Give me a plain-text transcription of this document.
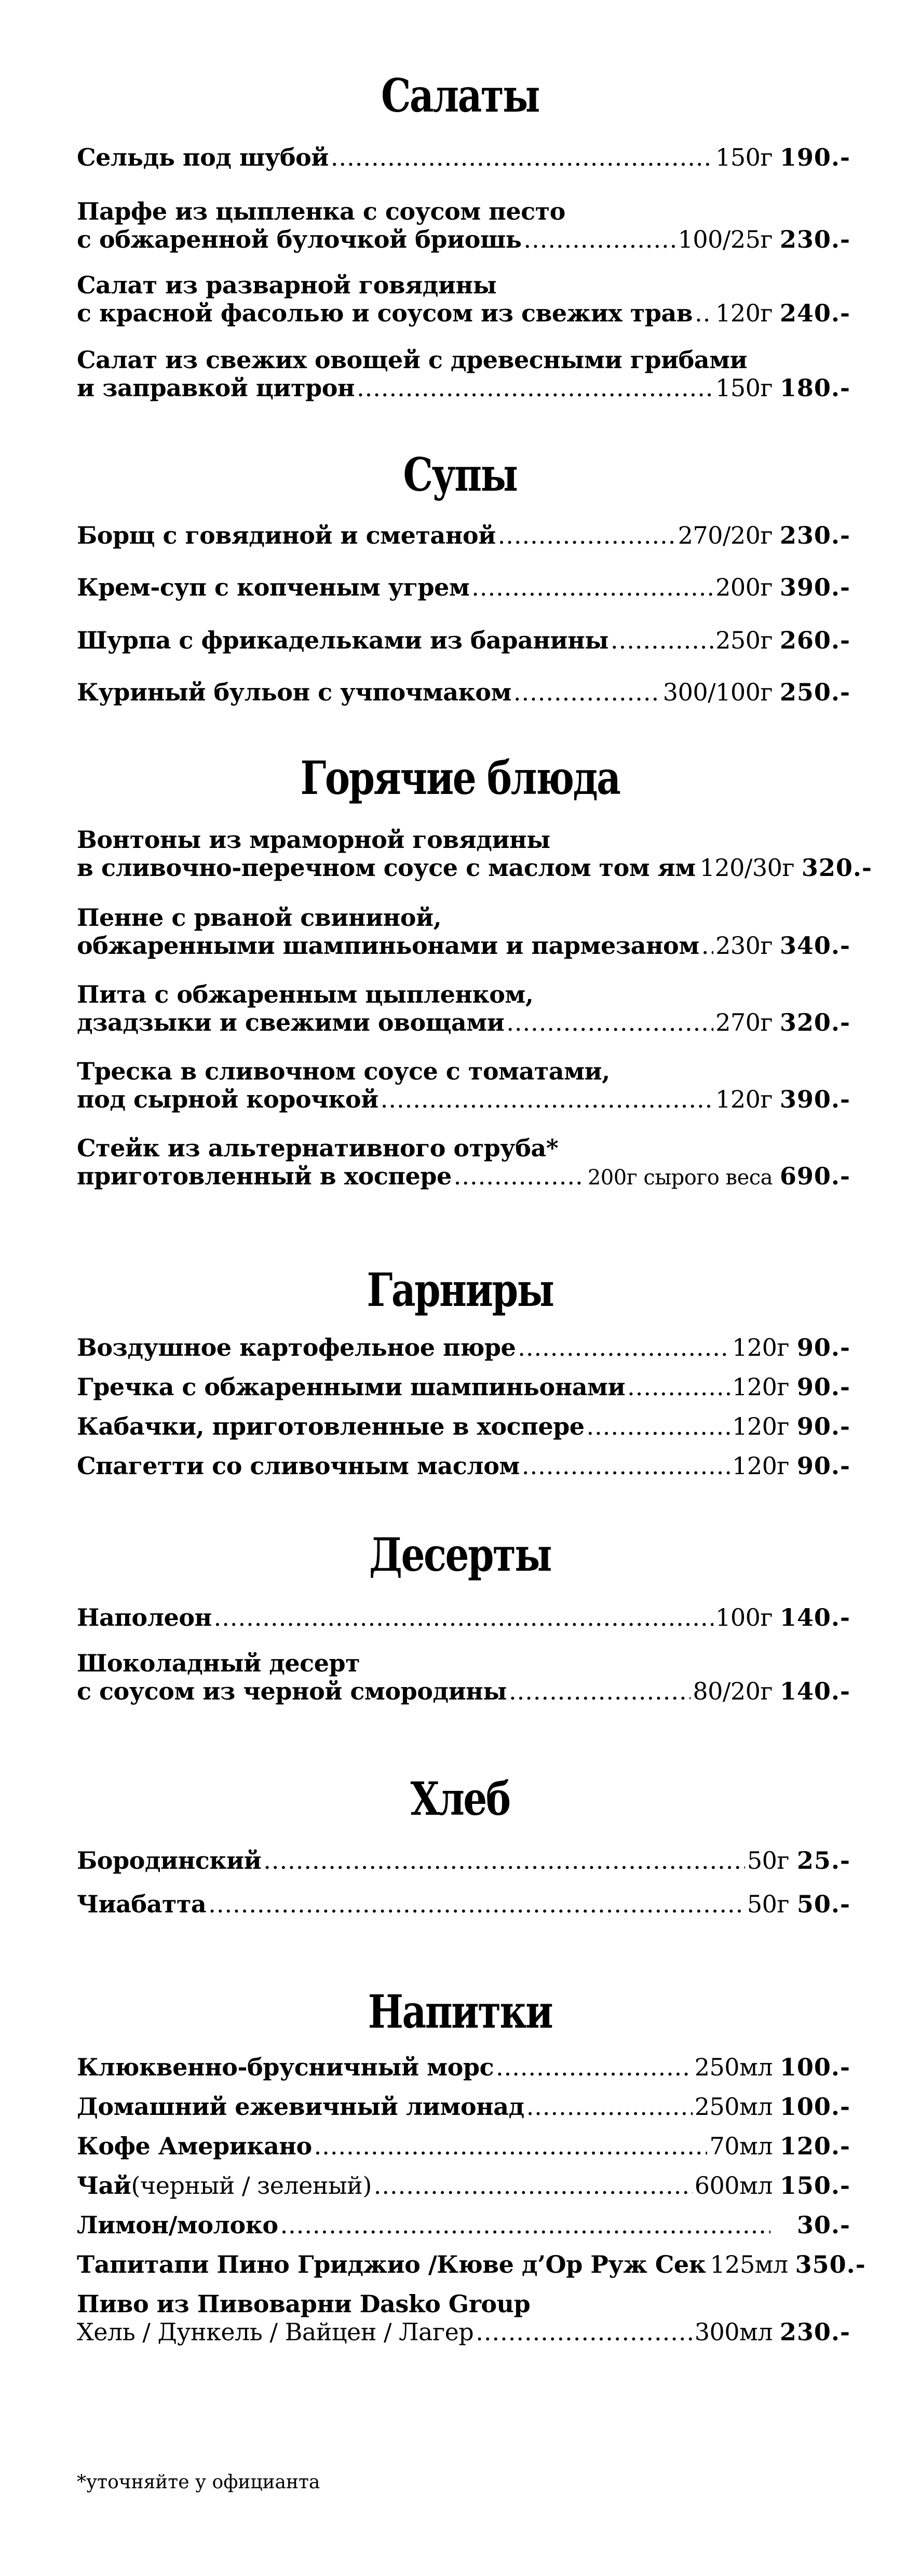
Салаты
Сельдь под шубой .....	150г 190.-
Парфе из цыпленка с соусом песто
с обжаренной булочкой бриошь .....	100/25г 230.-
Салат из разварной говядины
с красной фасолью и соусом из свежих трав ..... 120г 240.-
Салат из свежих овощей с древесными грибами
и заправкой цитрон .....	150г 180.-
Супы
Борщ с говядиной и сметаной .....	270/20г 230.-
Крем-суп с копченым угрем .....	200г 390.-
Шурпа с фрикадельками из баранины .....	250г 260.-
Куриный бульон с учпочмаком .....	300/100г 250.-
Горячие блюда
Вонтоны из мраморной говядины
в сливочно-перечном соусе с маслом том ям 120/30г 320.-
Пенне с рваной свининой,
обжаренными шампиньонами и пармезаном ..... 230г 340.-
Пита с обжаренным цыпленком,
дзадзыки и свежими овощами .....	270г 320.-
Треска в сливочном соусе с томатами,
под сырной корочкой .....	120г 390.-
Стейк из альтернативного отруба*
приготовленный в хоспере .....	200г сырого веса 690.-
Гарниры
Воздушное картофельное пюре .....	120г 90.-
Гречка с обжаренными шампиньонами .....	120г 90.-
Кабачки, приготовленные в хоспере .....	120г 90.-
Спагетти со сливочным маслом .....	120г 90.-
Десерты
Наполеон .....	100г 140.-
Шоколадный десерт
с соусом из черной смородины .....	80/20г 140.-
Хлеб
Бородинский .....	50г 25.-
Чиабатта .....	50г 50.-
Напитки
Клюквенно-брусничный морс .....	250мл 100.-
Домашний ежевичный лимонад .....	250мл 100.-
Кофе Американо .....	70мл 120.-
Чай (черный / зеленый) .....	600мл 150.-
Лимон/молоко .....	30.-
Тапитапи Пино Гриджио /Кюве д’Ор Руж Сек 125мл 350.-
Пиво из Пивоварни Dasko Group
Хель / Дункель / Вайцен / Лагер .....	300мл 230.-
*уточняйте у официанта
